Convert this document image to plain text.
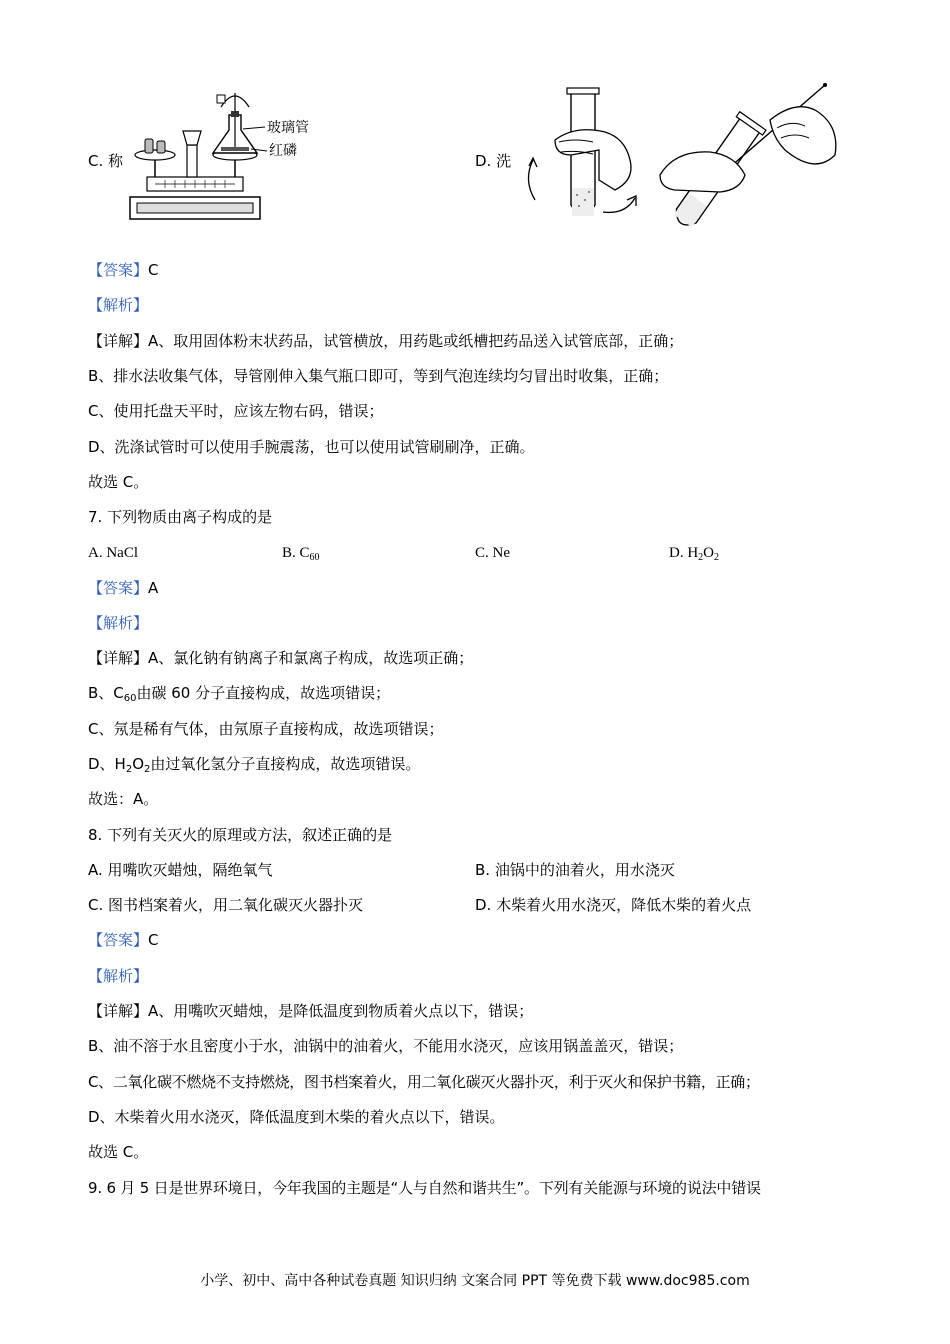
C. 称
玻璃管
红磷
D. 洗
【答案】C
【解析】
【详解】A、取用固体粉末状药品，试管横放，用药匙或纸槽把药品送入试管底部，正确；
B、排水法收集气体，导管刚伸入集气瓶口即可，等到气泡连续均匀冒出时收集，正确；
C、使用托盘天平时，应该左物右码，错误；
D、洗涤试管时可以使用手腕震荡，也可以使用试管刷刷净，正确。
故选 C。
7. 下列物质由离子构成的是
A. NaCl	B. $C_{60}$	C. Ne	D. $H_2O_2$
【答案】A
【解析】
【详解】A、氯化钠有钠离子和氯离子构成，故选项正确；
B、$C_{60}$由碳 60 分子直接构成，故选项错误；
C、氖是稀有气体，由氖原子直接构成，故选项错误；
D、$H_2O_2$由过氧化氢分子直接构成，故选项错误。
故选：A。
8. 下列有关灭火的原理或方法，叙述正确的是
A. 用嘴吹灭蜡烛，隔绝氧气	B. 油锅中的油着火，用水浇灭
C. 图书档案着火，用二氧化碳灭火器扑灭	D. 木柴着火用水浇灭，降低木柴的着火点
【答案】C
【解析】
【详解】A、用嘴吹灭蜡烛，是降低温度到物质着火点以下，错误；
B、油不溶于水且密度小于水，油锅中的油着火，不能用水浇灭，应该用锅盖盖灭，错误；
C、二氧化碳不燃烧不支持燃烧，图书档案着火，用二氧化碳灭火器扑灭，利于灭火和保护书籍，正确；
D、木柴着火用水浇灭，降低温度到木柴的着火点以下，错误。
故选 C。
9. 6 月 5 日是世界环境日，今年我国的主题是“人与自然和谐共生”。下列有关能源与环境的说法中错误
小学、初中、高中各种试卷真题 知识归纳 文案合同 PPT 等免费下载 www.doc985.com
